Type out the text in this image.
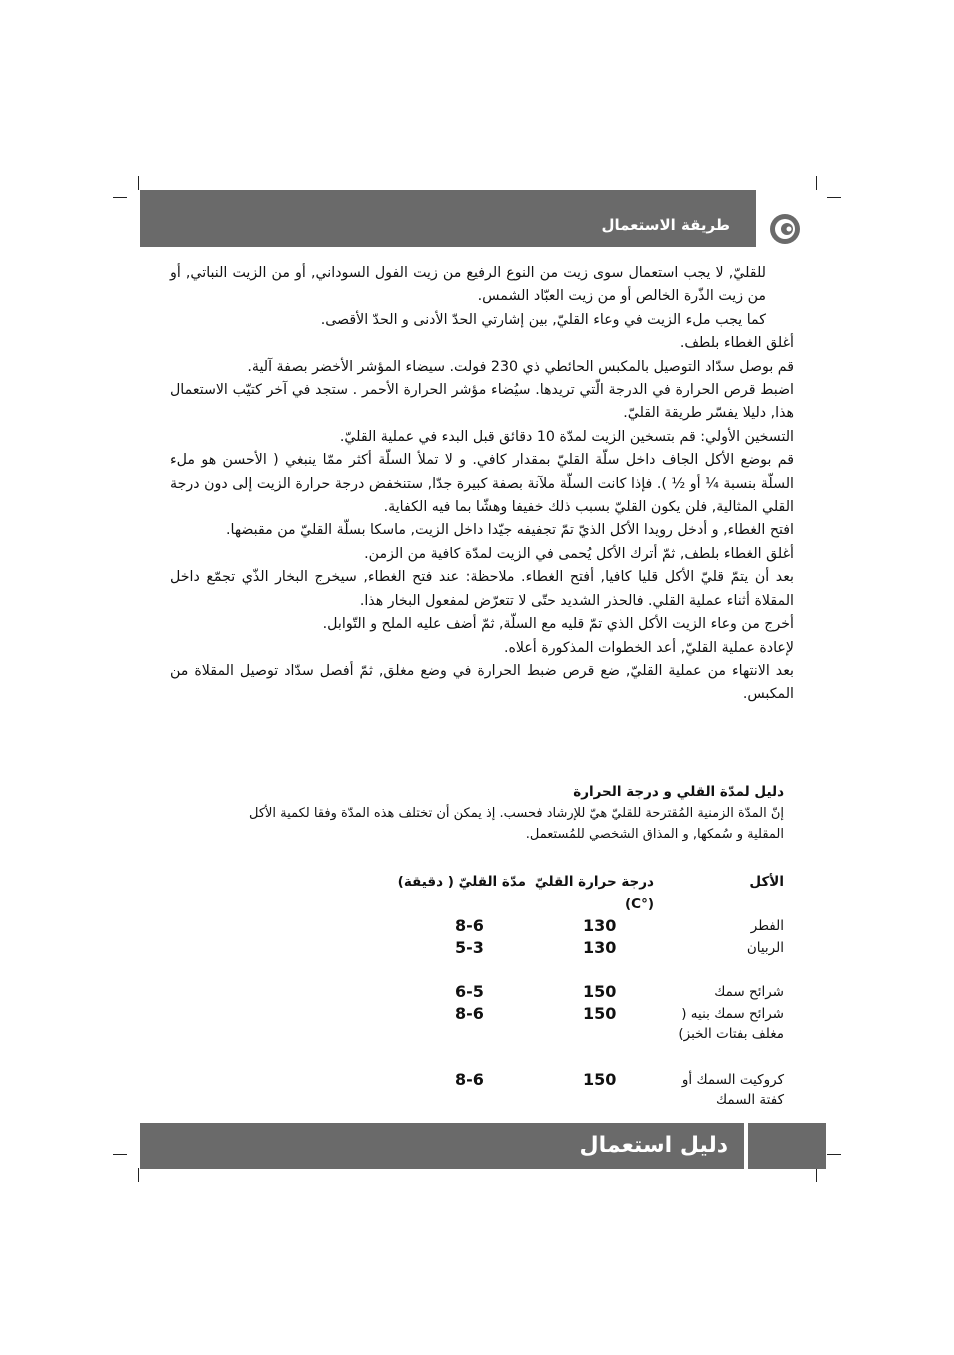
طريقة الاستعمال

للقليّ, لا يجب استعمال سوى زيت من النوع الرفيع من زيت الفول السوداني, أو من الزيت النباتي, أو من زيت الذّرة الخالص أو من زيت العبّاد الشمس.

كما يجب ملء الزيت في وعاء القليّ, بين إشارتي الحدّ الأدنى و الحدّ الأقصى.

أغلق الغطاء بلطف.

قم بوصل سدّاد التوصيل بالمكبس الحائطي ذي 230 فولت. سيضاء المؤشر الأخضر بصفة آلية.

اضبط قرص الحرارة في الدرجة الّتي تريدها. سيُضاء مؤشر الحرارة الأحمر . ستجد في آخر كتيّب الاستعمال هذا, دليلا يفسّر طريقة القليّ.

التسخين الأولي: قم بتسخين الزيت لمدّة 10 دقائق قبل البدء في عملية القليّ.

قم بوضع الأكل الجاف داخل سلّة القليّ بمقدار كافي. و لا تملأ السلّة أكثر ممّا ينبغي ( الأحسن هو ملء السلّة بنسبة ¼ أو ½ ). فإذا كانت السلّة ملآنة بصفة كبيرة جدّا, ستنخفض درجة حرارة الزيت إلى دون درجة القلي المثالية, فلن يكون القليّ بسبب ذلك خفيفا وهشّا بما فيه الكفاية.

افتح الغطاء, و أدخل رويدا الأكل الذيّ تمّ تجفيفه جيّدا داخل الزيت, ماسكا بسلّة القليّ من مقبضها.

أغلق الغطاء بلطف, ثمّ أترك الأكل يُحمى في الزيت لمدّة كافية من الزمن.

بعد أن يتمّ قليّ الأكل قليا كافيا, أفتح الغطاء. ملاحظة: عند فتح الغطاء, سيخرج البخار الذّي تجمّع داخل المقلاة أثناء عملية القلي. فالحذر الشديد حتّى لا تتعرّض لمفعول البخار هذا.

أخرج من وعاء الزيت الأكل الذي تمّ قليه مع السلّة, ثمّ أضف عليه الملح و التّوابل.

لإعادة عملية القليّ, أعد الخطوات المذكورة أعلاه.

بعد الانتهاء من عملية القليّ, ضع قرص ضبط الحرارة في وضع مغلق, ثمّ أفصل سدّاد توصيل المقلاة من المكبس.

دليل لمدّة القلي و درجة الحرارة
إنّ المدّة الزمنية المُقترحة للقليّ هيّ للإرشاد فحسب. إذ يمكن أن تختلف هذه المدّة وفقا لكمية الأكل المقلية و سُمكها, و المذاق الشخصي للمُستعمل.
الأكل
درجة حرارة القليّ
(°C)
مدّة القليّ ( دقيقة)
الفطر
130
8-6
الربيان
130
5-3
شرائح سمك
150
6-5
شرائح سمك بنيه ( مغلف بفتات الخبز)
150
8-6
كروكيت السمك أو كفتة السمك
150
8-6
دليل استعمال
